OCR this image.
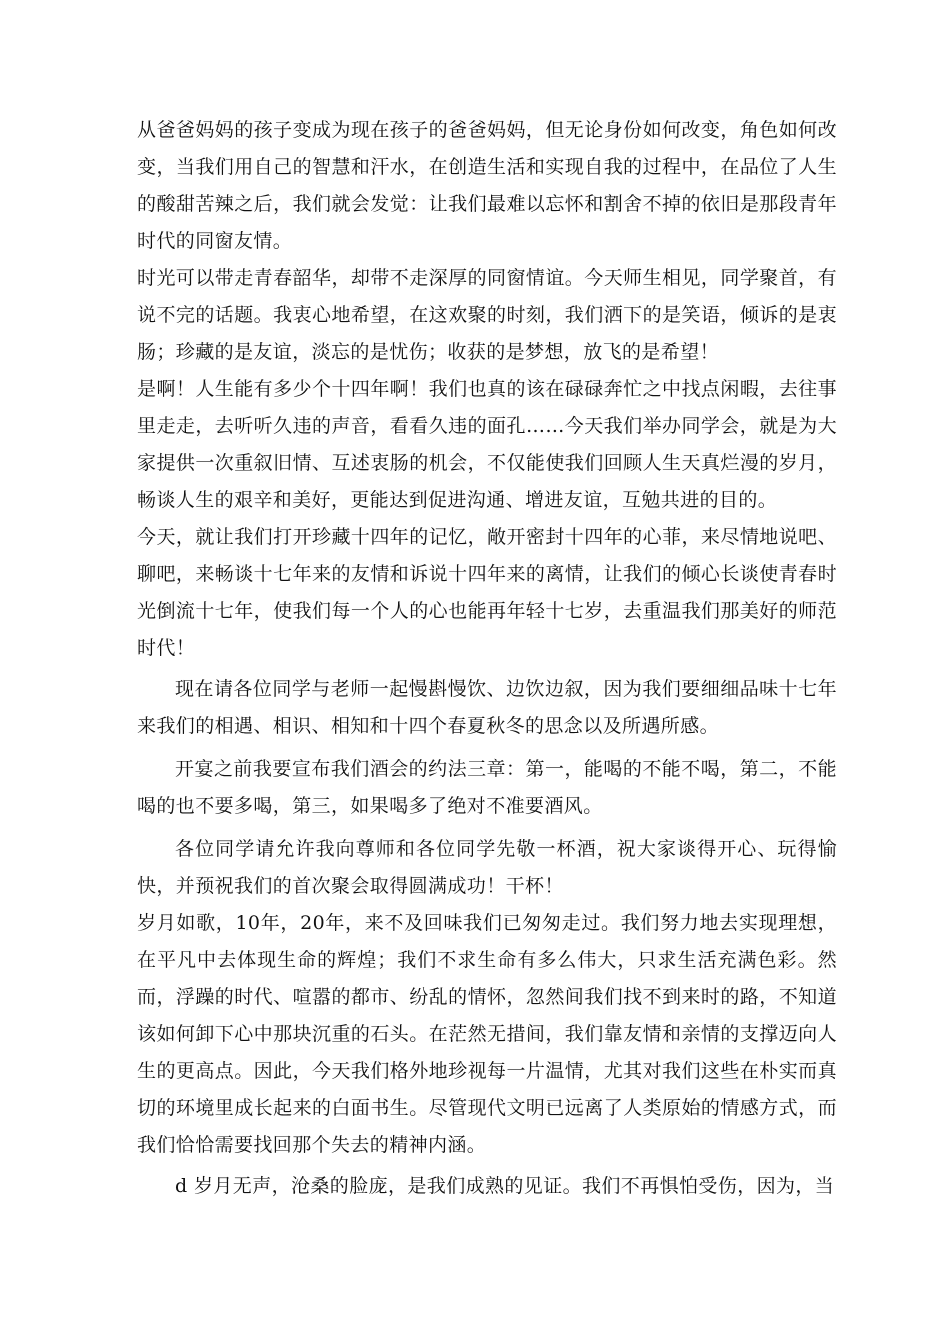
从爸爸妈妈的孩子变成为现在孩子的爸爸妈妈，但无论身份如何改变，角色如何改变，当我们用自己的智慧和汗水，在创造生活和实现自我的过程中，在品位了人生的酸甜苦辣之后，我们就会发觉：让我们最难以忘怀和割舍不掉的依旧是那段青年时代的同窗友情。

时光可以带走青春韶华，却带不走深厚的同窗情谊。今天师生相见，同学聚首，有说不完的话题。我衷心地希望，在这欢聚的时刻，我们洒下的是笑语，倾诉的是衷肠；珍藏的是友谊，淡忘的是忧伤；收获的是梦想，放飞的是希望！

是啊！人生能有多少个十四年啊！我们也真的该在碌碌奔忙之中找点闲暇，去往事里走走，去听听久违的声音，看看久违的面孔……今天我们举办同学会，就是为大家提供一次重叙旧情、互述衷肠的机会，不仅能使我们回顾人生天真烂漫的岁月，畅谈人生的艰辛和美好，更能达到促进沟通、增进友谊，互勉共进的目的。

今天，就让我们打开珍藏十四年的记忆，敞开密封十四年的心菲，来尽情地说吧、聊吧，来畅谈十七年来的友情和诉说十四年来的离情，让我们的倾心长谈使青春时光倒流十七年，使我们每一个人的心也能再年轻十七岁，去重温我们那美好的师范时代！

现在请各位同学与老师一起慢斟慢饮、边饮边叙，因为我们要细细品味十七年来我们的相遇、相识、相知和十四个春夏秋冬的思念以及所遇所感。

开宴之前我要宣布我们酒会的约法三章：第一，能喝的不能不喝，第二，不能喝的也不要多喝，第三，如果喝多了绝对不准要酒风。

各位同学请允许我向尊师和各位同学先敬一杯酒，祝大家谈得开心、玩得愉快，并预祝我们的首次聚会取得圆满成功！干杯！

岁月如歌，10年，20年，来不及回味我们已匆匆走过。我们努力地去实现理想，在平凡中去体现生命的辉煌；我们不求生命有多么伟大，只求生活充满色彩。然而，浮躁的时代、喧嚣的都市、纷乱的情怀，忽然间我们找不到来时的路，不知道该如何卸下心中那块沉重的石头。在茫然无措间，我们靠友情和亲情的支撑迈向人生的更高点。因此，今天我们格外地珍视每一片温情，尤其对我们这些在朴实而真切的环境里成长起来的白面书生。尽管现代文明已远离了人类原始的情感方式，而我们恰恰需要找回那个失去的精神内涵。

d 岁月无声，沧桑的脸庞，是我们成熟的见证。我们不再惧怕受伤，因为，当
